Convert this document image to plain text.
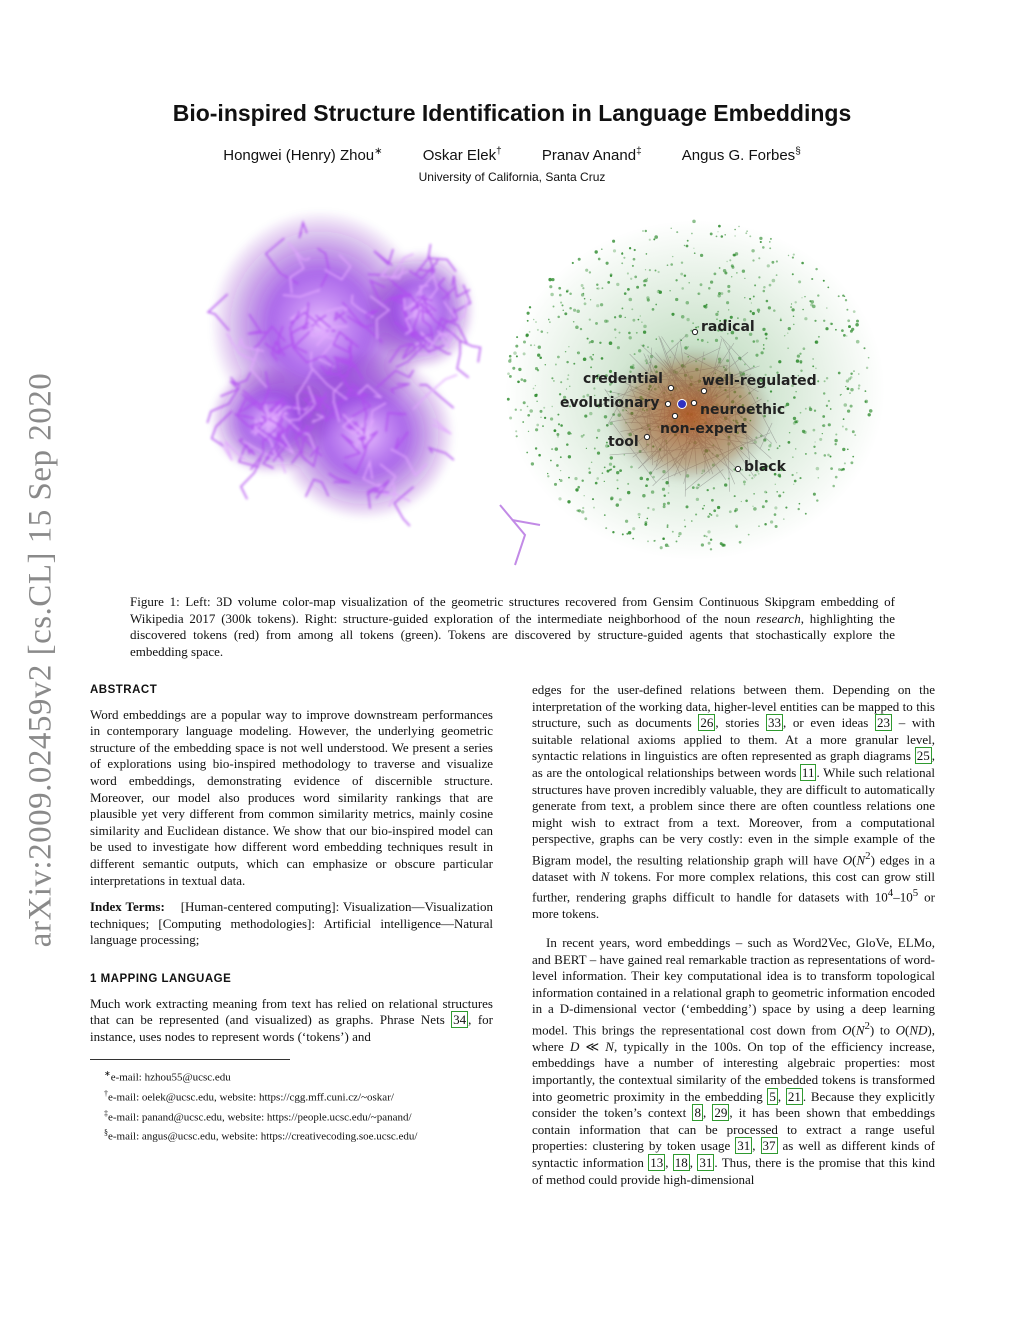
arXiv:2009.02459v2 [cs.CL] 15 Sep 2020
Bio-inspired Structure Identification in Language Embeddings
Hongwei (Henry) Zhou∗	Oskar Elek†	Pranav Anand‡	Angus G. Forbes§
University of California, Santa Cruz
radical
credential	well-regulated
evolutionary	neuroethic
non-expert
tool
black
Figure 1: Left: 3D volume color-map visualization of the geometric structures recovered from Gensim Continuous Skipgram embedding of Wikipedia 2017 (300k tokens). Right: structure-guided exploration of the intermediate neighborhood of the noun research, highlighting the discovered tokens (red) from among all tokens (green). Tokens are discovered by structure-guided agents that stochastically explore the embedding space.
ABSTRACT

Word embeddings are a popular way to improve downstream performances in contemporary language modeling. However, the underlying geometric structure of the embedding space is not well understood. We present a series of explorations using bio-inspired methodology to traverse and visualize word embeddings, demonstrating evidence of discernible structure. Moreover, our model also produces word similarity rankings that are plausible yet very different from common similarity metrics, mainly cosine similarity and Euclidean distance. We show that our bio-inspired model can be used to investigate how different word embedding techniques result in different semantic outputs, which can emphasize or obscure particular interpretations in textual data.

Index Terms: [Human-centered computing]: Visualization—Visualization techniques; [Computing methodologies]: Artificial intelligence—Natural language processing;

1 MAPPING LANGUAGE

Much work extracting meaning from text has relied on relational structures that can be represented (and visualized) as graphs. Phrase Nets 34 , for instance, uses nodes to represent words (‘tokens’) and

∗e-mail: hzhou55@ucsc.edu
†e-mail: oelek@ucsc.edu, website: https://cgg.mff.cuni.cz/~oskar/
‡e-mail: panand@ucsc.edu, website: https://people.ucsc.edu/~panand/
§e-mail: angus@ucsc.edu, website: https://creativecoding.soe.ucsc.edu/

edges for the user-defined relations between them. Depending on the interpretation of the working data, higher-level entities can be mapped to this structure, such as documents 26 , stories 33 , or even ideas 23 – with suitable relational axioms applied to them. At a more granular level, syntactic relations in linguistics are often represented as graph diagrams 25 , as are the ontological relationships between words 11 . While such relational structures have proven incredibly valuable, they are difficult to automatically generate from text, a problem since there are often countless relations one might wish to extract from a text. Moreover, from a computational perspective, graphs can be very costly: even in the simple example of the Bigram model, the resulting relationship graph will have $O(N^2)$ edges in a dataset with N tokens. For more complex relations, this cost can grow still further, rendering graphs difficult to handle for datasets with $10^4-10^5$ or more tokens.

In recent years, word embeddings – such as Word2Vec, GloVe, ELMo, and BERT – have gained real remarkable traction as representations of word-level information. Their key computational idea is to transform topological information contained in a relational graph to geometric information encoded in a D-dimensional vector (‘embedding’) space by using a deep learning model. This brings the representational cost down from $O(N^2)$ to O(ND), where D ≪ N, typically in the 100s. On top of the efficiency increase, embeddings have a number of interesting algebraic properties: most importantly, the contextual similarity of the embedded tokens is transformed into geometric proximity in the embedding 5 , 21 . Because they explicitly consider the token’s context 8 , 29 , it has been shown that embeddings contain information that can be processed to extract a range useful properties: clustering by token usage 31 , 37 as well as different kinds of syntactic information 13 , 18 , 31 . Thus, there is the promise that this kind of method could provide high-dimensional
